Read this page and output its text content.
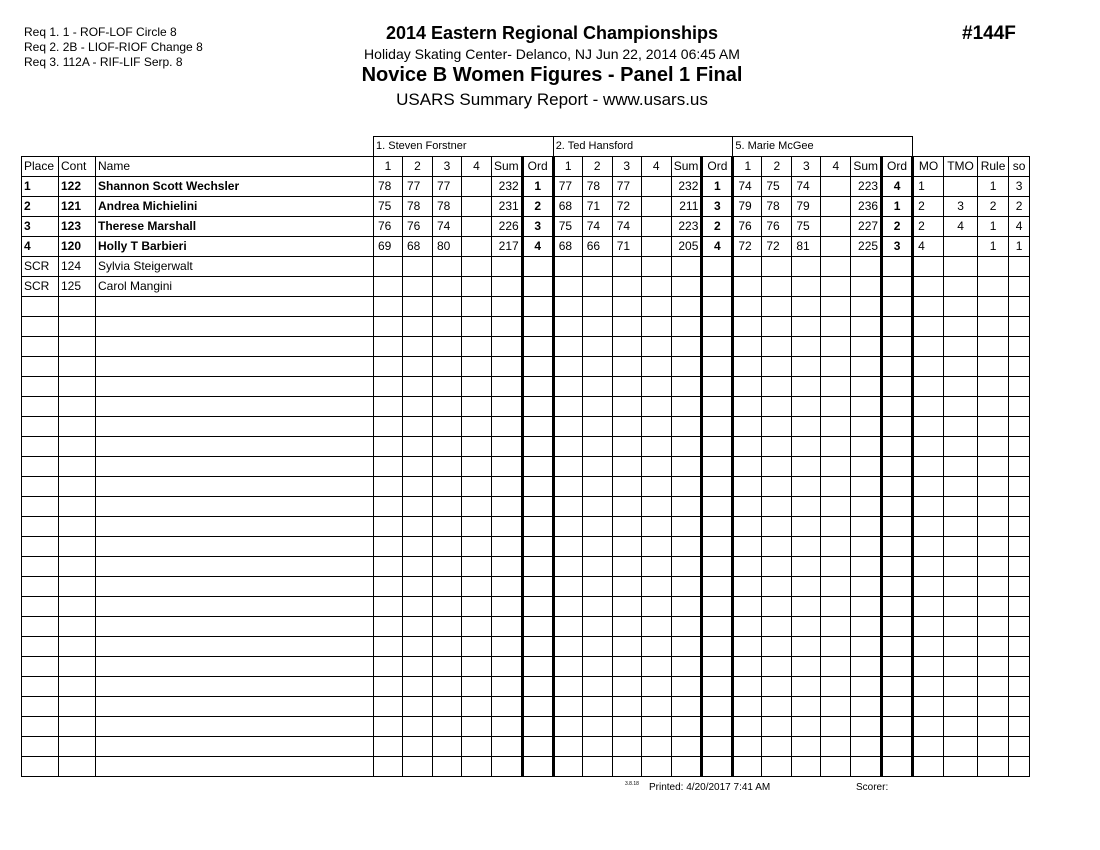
Req 1. 1 - ROF-LOF Circle 8
Req 2. 2B - LIOF-RIOF Change 8
Req 3. 112A - RIF-LIF Serp. 8
#144F
2014 Eastern Regional Championships
Holiday Skating Center- Delanco, NJ Jun 22, 2014 06:45 AM
Novice B Women Figures - Panel 1 Final
USARS Summary Report - www.usars.us
			1. Steven Forstner						2. Ted Hansford						5. Marie McGee									
Place	Cont	Name	1	2	3	4	Sum	Ord	1	2	3	4	Sum	Ord	1	2	3	4	Sum	Ord	MO	TMO	Rule	so
1	122	Shannon Scott Wechsler	78	77	77		232	1	77	78	77		232	1	74	75	74		223	4	1		1	3
2	121	Andrea Michielini	75	78	78		231	2	68	71	72		211	3	79	78	79		236	1	2	3	2	2
3	123	Therese Marshall	76	76	74		226	3	75	74	74		223	2	76	76	75		227	2	2	4	1	4
4	120	Holly T Barbieri	69	68	80		217	4	68	66	71		205	4	72	72	81		225	3	4		1	1
SCR	124	Sylvia Steigerwalt																						
SCR	125	Carol Mangini																						

3.8.18 Printed: 4/20/2017 7:41 AM	Scorer:
